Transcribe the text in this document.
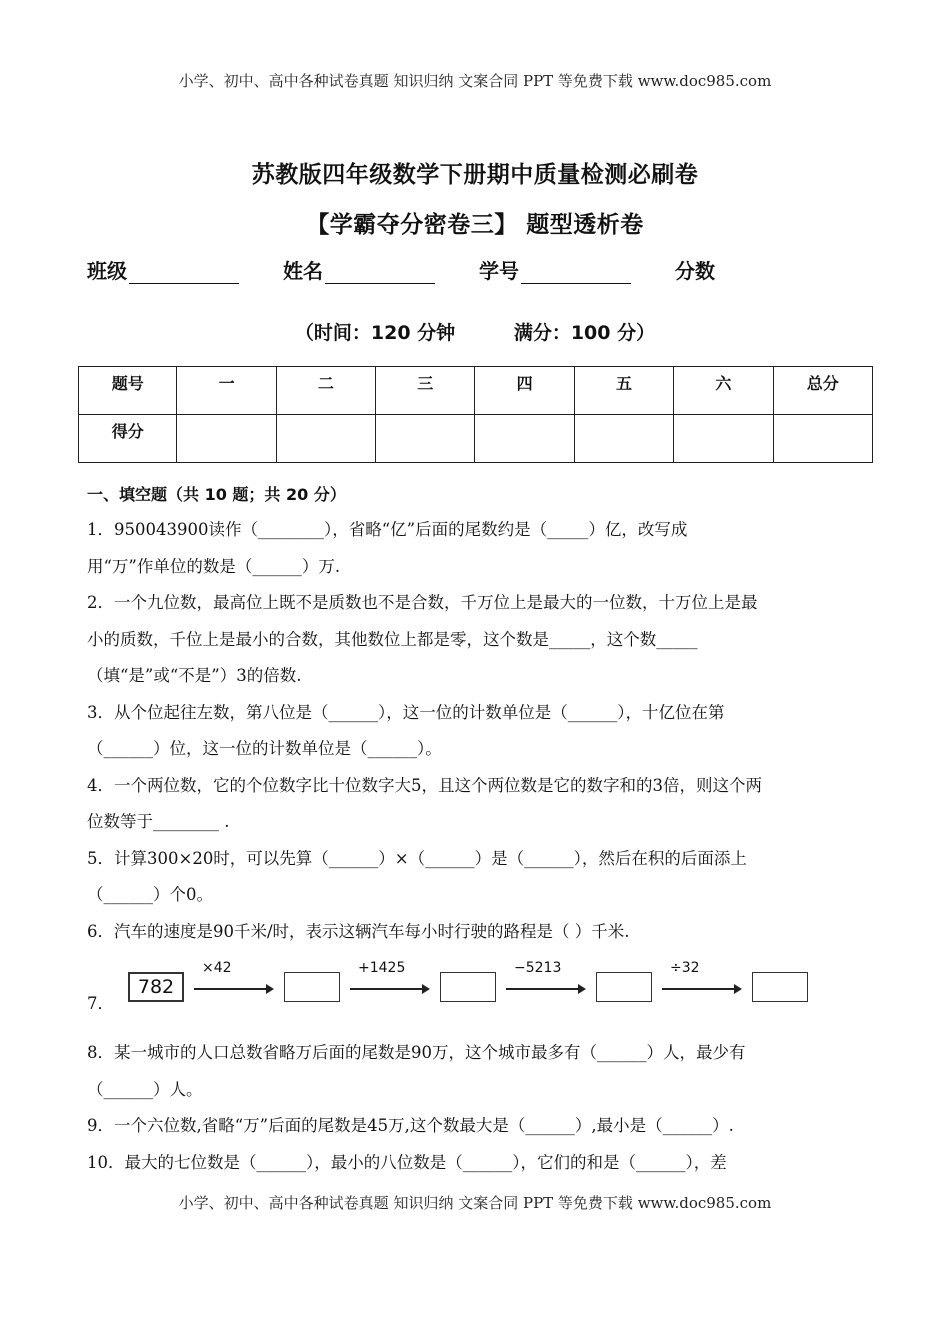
小学、初中、高中各种试卷真题 知识归纳 文案合同 PPT 等免费下载 www.doc985.com
苏教版四年级数学下册期中质量检测必刷卷
【学霸夺分密卷三】 题型透析卷
班级	姓名	学号	分数
（时间：120 分钟	满分：100 分）
题号	一	二	三	四	五	六	总分
得分							
一、填空题（共 10 题；共 20 分）

1．950043900读作（________），省略“亿”后面的尾数约是（_____）亿，改写成

用“万”作单位的数是（______）万.

2．一个九位数，最高位上既不是质数也不是合数，千万位上是最大的一位数，十万位上是最

小的质数，千位上是最小的合数，其他数位上都是零，这个数是_____，这个数_____

（填“是”或“不是”）3的倍数.

3．从个位起往左数，第八位是（______），这一位的计数单位是（______），十亿位在第

（______）位，这一位的计数单位是（______）。

4．一个两位数，它的个位数字比十位数字大5，且这个两位数是它的数字和的3倍，则这个两

位数等于________ .

5．计算300×20时，可以先算（______）×（______）是（______），然后在积的后面添上

（______）个0。

6．汽车的速度是90千米/时，表示这辆汽车每小时行驶的路程是（ ）千米.

7．
782
×42	+1425	−5213	÷32

8．某一城市的人口总数省略万后面的尾数是90万，这个城市最多有（______）人，最少有

（______）人。

9．一个六位数,省略“万”后面的尾数是45万,这个数最大是（______）,最小是（______）.

10．最大的七位数是（______），最小的八位数是（______），它们的和是（______），差

小学、初中、高中各种试卷真题 知识归纳 文案合同 PPT 等免费下载 www.doc985.com
